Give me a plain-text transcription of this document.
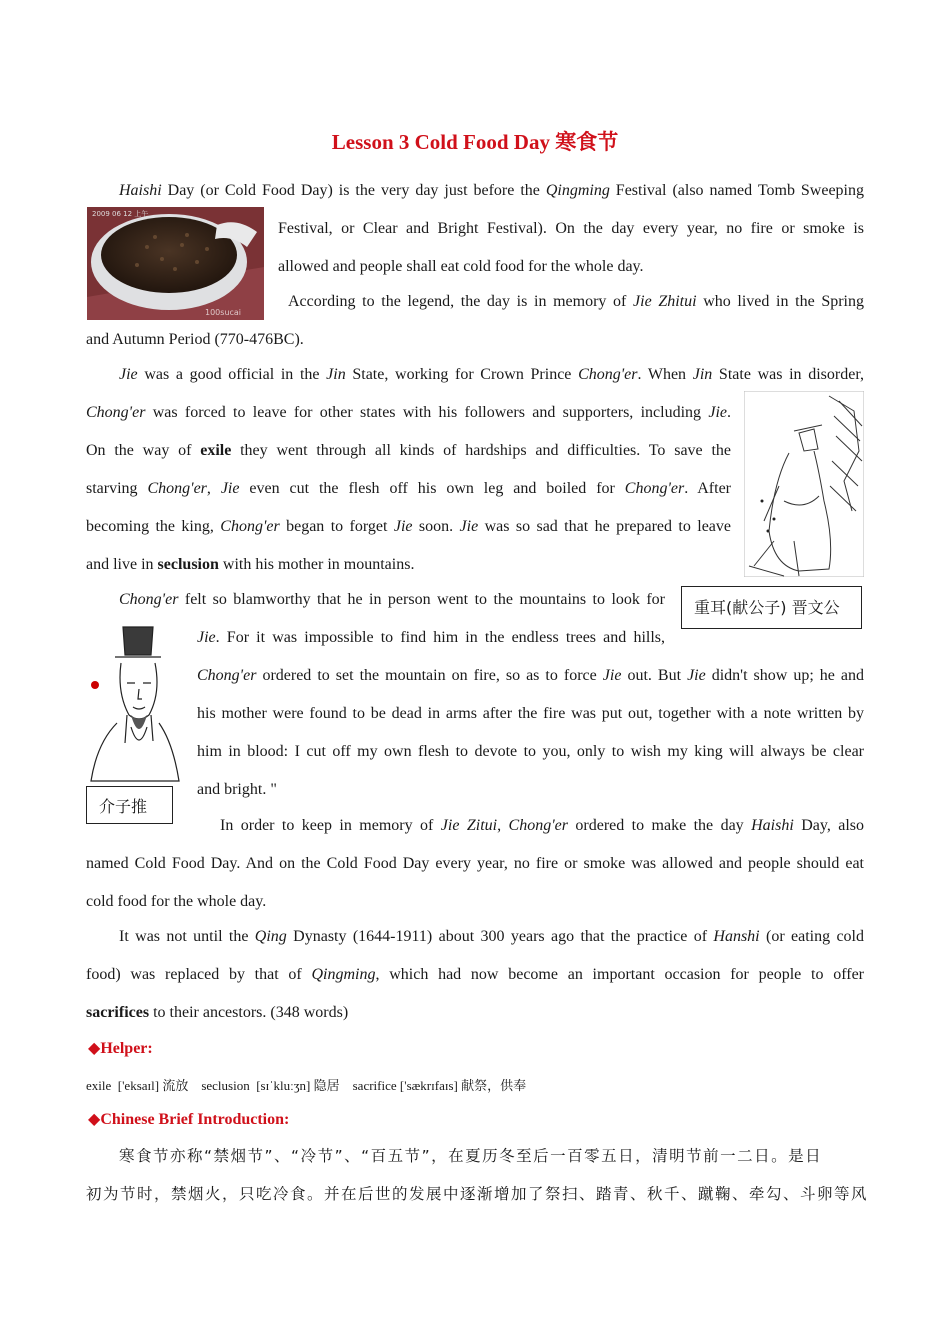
Lesson 3 Cold Food Day 寒食节
2009 06 12 上午
100sucai
重耳(献公子) 晋文公
介子推
Haishi Day (or Cold Food Day) is the very day just before the Qingming Festival (also named Tomb Sweeping
Festival, or Clear and Bright Festival). On the day every year, no fire or smoke is
allowed and people shall eat cold food for the whole day.
According to the legend, the day is in memory of Jie Zhitui who lived in the Spring
and Autumn Period (770-476BC).
Jie was a good official in the Jin State, working for Crown Prince Chong'er. When Jin State was in disorder,
Chong'er was forced to leave for other states with his followers and supporters, including Jie.
On the way of exile they went through all kinds of hardships and difficulties. To save the
starving Chong'er, Jie even cut the flesh off his own leg and boiled for Chong'er. After
becoming the king, Chong'er began to forget Jie soon. Jie was so sad that he prepared to leave
and live in seclusion with his mother in mountains.
Chong'er felt so blamworthy that he in person went to the mountains to look for
Jie. For it was impossible to find him in the endless trees and hills,
Chong'er ordered to set the mountain on fire, so as to force Jie out. But Jie didn't show up; he and
his mother were found to be dead in arms after the fire was put out, together with a note written by
him in blood: I cut off my own flesh to devote to you, only to wish my king will always be clear
and bright. "
In order to keep in memory of Jie Zitui, Chong'er ordered to make the day Haishi Day, also
named Cold Food Day. And on the Cold Food Day every year, no fire or smoke was allowed and people should eat
cold food for the whole day.
It was not until the Qing Dynasty (1644-1911) about 300 years ago that the practice of Hanshi (or eating cold
food) was replaced by that of Qingming, which had now become an important occasion for people to offer
sacrifices to their ancestors. (348 words)
◆Helper:
exile  ['eksaɪl] 流放    seclusion  [sɪˈkluːʒn] 隐居    sacrifice ['sækrɪfaɪs] 献祭，供奉
◆Chinese Brief Introduction:
寒食节亦称“禁烟节”、“冷节”、“百五节”，在夏历冬至后一百零五日，清明节前一二日。是日
初为节时，禁烟火，只吃冷食。并在后世的发展中逐渐增加了祭扫、踏青、秋千、蹴鞠、牵勾、斗卵等风
